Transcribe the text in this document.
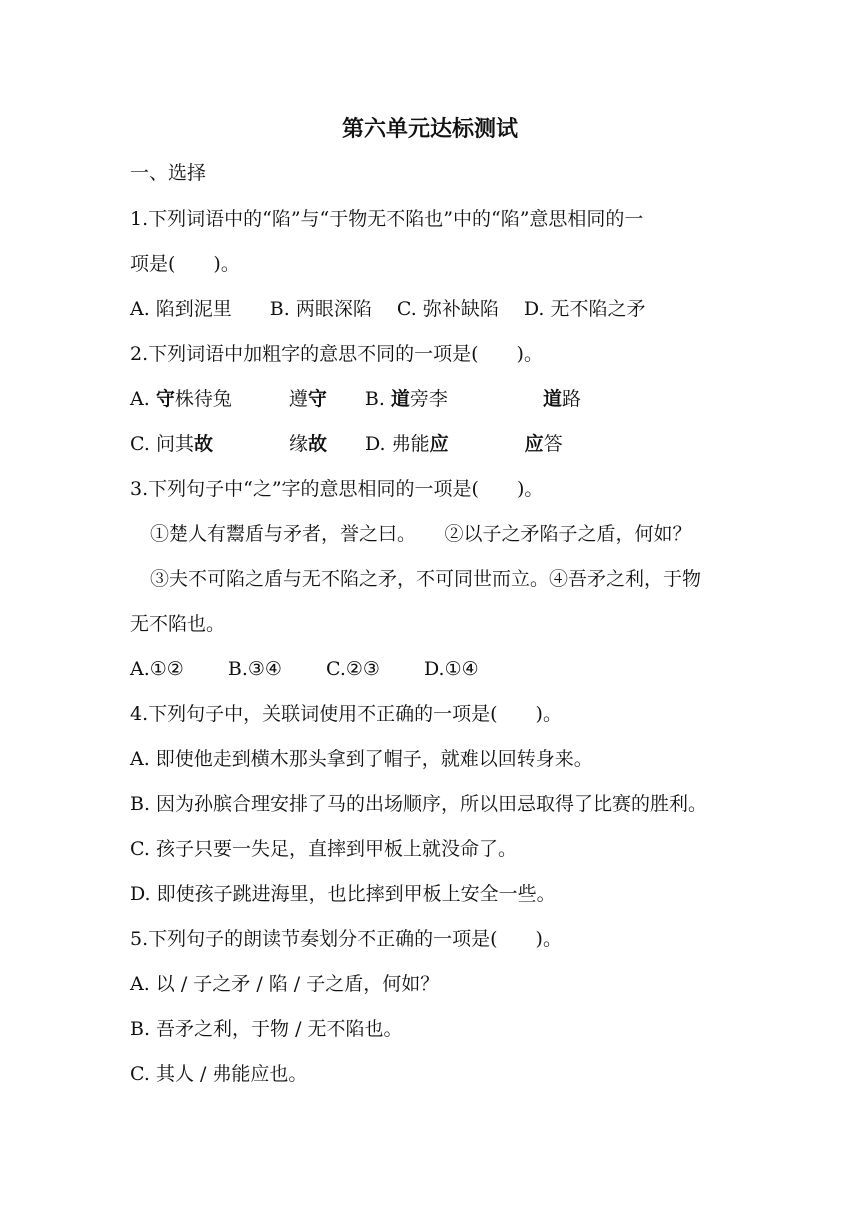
第六单元达标测试
一、选择
1.下列词语中的“陷”与“于物无不陷也”中的“陷”意思相同的一
项是(　　)。
A. 陷到泥里　　B. 两眼深陷　 C. 弥补缺陷　 D. 无不陷之矛
2.下列词语中加粗字的意思不同的一项是(　　)。
A. 守株待兔　　　遵守　　B. 道旁李　　　　　道路
C. 问其故　　　　缘故　　D. 弗能应　　　　	应答
3.下列句子中“之”字的意思相同的一项是(　　)。
①楚人有鬻盾与矛者，誉之曰。　　②以子之矛陷子之盾，何如？
③夫不可陷之盾与无不陷之矛，不可同世而立。④吾矛之利，于物
无不陷也。
A.①②　　 B.③④　　 C.②③　　 D.①④
4.下列句子中，关联词使用不正确的一项是(　　)。
A. 即使他走到横木那头拿到了帽子，就难以回转身来。
B. 因为孙膑合理安排了马的出场顺序，所以田忌取得了比赛的胜利。
C. 孩子只要一失足，直摔到甲板上就没命了。
D. 即使孩子跳进海里，也比摔到甲板上安全一些。
5.下列句子的朗读节奏划分不正确的一项是(　　)。
A. 以 / 子之矛 / 陷 / 子之盾，何如？
B. 吾矛之利，于物 / 无不陷也。
C. 其人 / 弗能应也。
